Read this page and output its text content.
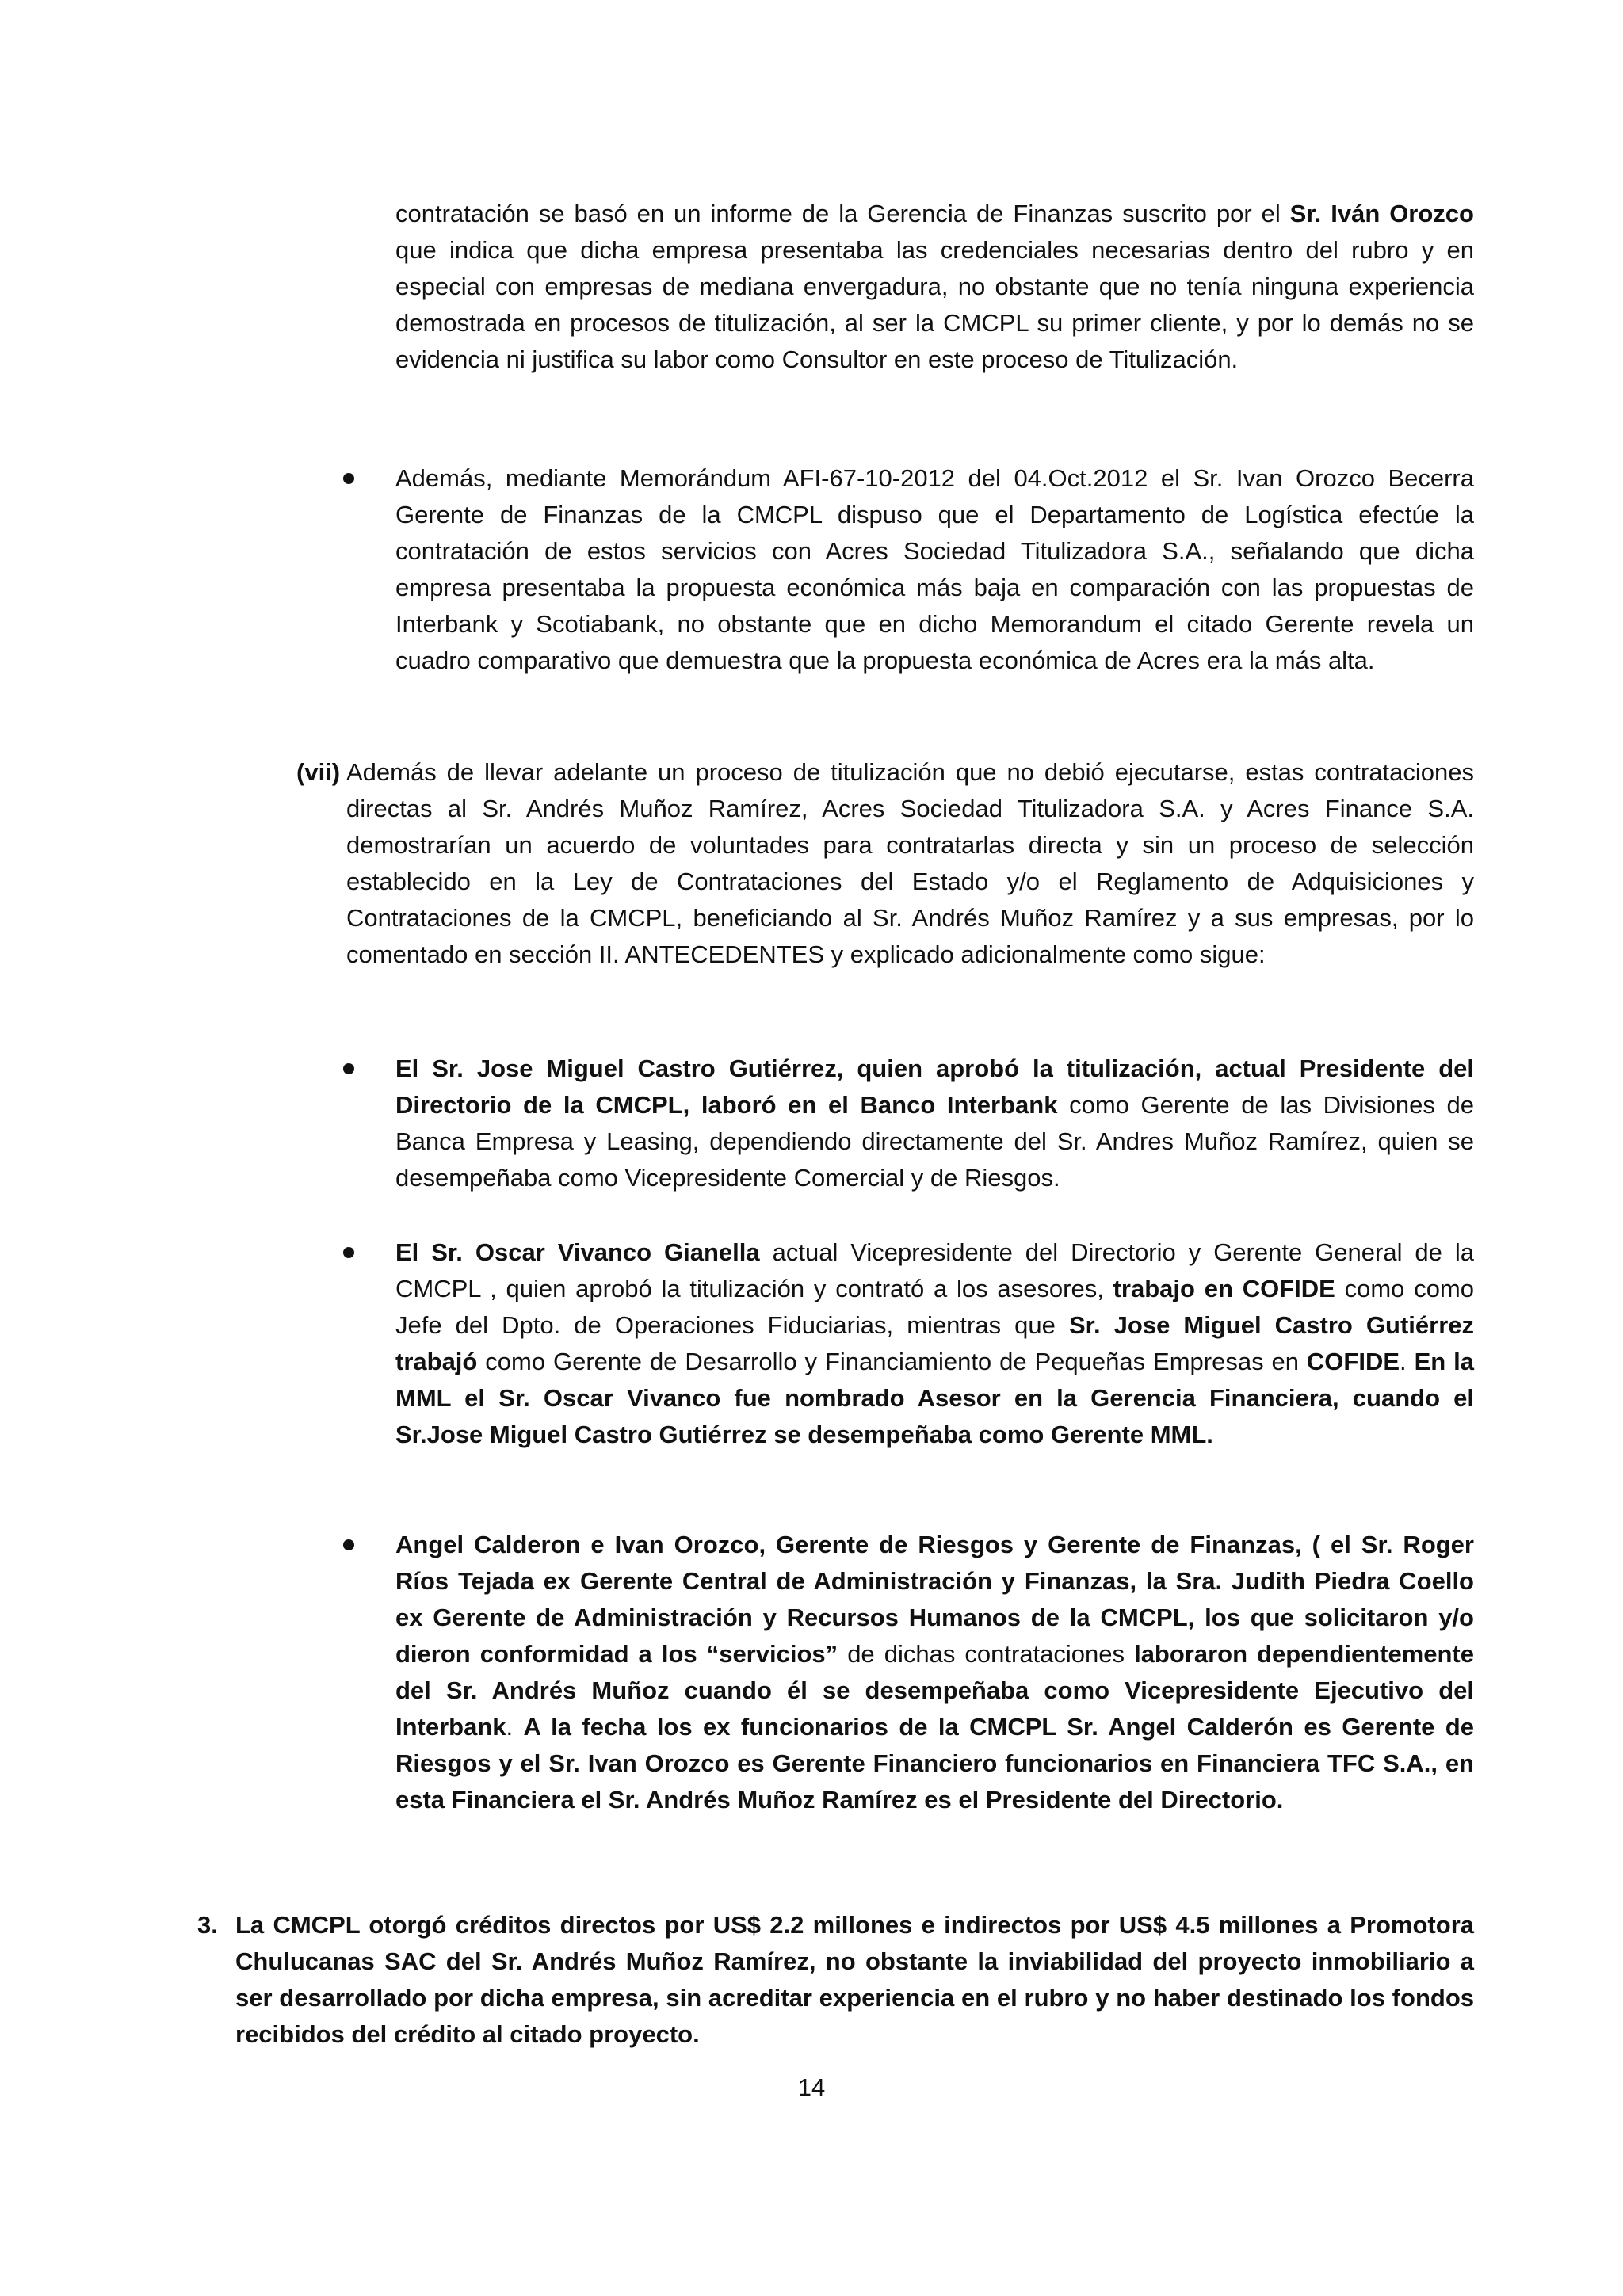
contratación se basó en un informe de la Gerencia de Finanzas suscrito por el Sr. Iván Orozco que indica que dicha empresa presentaba las credenciales necesarias dentro del rubro y en especial con empresas de mediana envergadura, no obstante que no tenía ninguna experiencia demostrada en procesos de titulización, al ser la CMCPL su primer cliente, y por lo demás no se evidencia ni justifica su labor como Consultor en este proceso de Titulización.

Además, mediante Memorándum AFI-67-10-2012 del 04.Oct.2012 el Sr. Ivan Orozco Becerra Gerente de Finanzas de la CMCPL dispuso que el Departamento de Logística efectúe la contratación de estos servicios con Acres Sociedad Titulizadora S.A., señalando que dicha empresa presentaba la propuesta económica más baja en comparación con las propuestas de Interbank y Scotiabank, no obstante que en dicho Memorandum el citado Gerente revela un cuadro comparativo que demuestra que la propuesta económica de Acres era la más alta.

(vii) Además de llevar adelante un proceso de titulización que no debió ejecutarse, estas contrataciones directas al Sr. Andrés Muñoz Ramírez, Acres Sociedad Titulizadora S.A. y Acres Finance S.A. demostrarían un acuerdo de voluntades para contratarlas directa y sin un proceso de selección establecido en la Ley de Contrataciones del Estado y/o el Reglamento de Adquisiciones y Contrataciones de la CMCPL, beneficiando al Sr. Andrés Muñoz Ramírez y a sus empresas, por lo comentado en sección II. ANTECEDENTES y explicado adicionalmente como sigue:

El Sr. Jose Miguel Castro Gutiérrez, quien aprobó la titulización, actual Presidente del Directorio de la CMCPL, laboró en el Banco Interbank como Gerente de las Divisiones de Banca Empresa y Leasing, dependiendo directamente del Sr. Andres Muñoz Ramírez, quien se desempeñaba como Vicepresidente Comercial y de Riesgos.

El Sr. Oscar Vivanco Gianella actual Vicepresidente del Directorio y Gerente General de la CMCPL , quien aprobó la titulización y contrató a los asesores, trabajo en COFIDE como como Jefe del Dpto. de Operaciones Fiduciarias, mientras que Sr. Jose Miguel Castro Gutiérrez trabajó como Gerente de Desarrollo y Financiamiento de Pequeñas Empresas en COFIDE. En la MML el Sr. Oscar Vivanco fue nombrado Asesor en la Gerencia Financiera, cuando el Sr.Jose Miguel Castro Gutiérrez se desempeñaba como Gerente MML.

Angel Calderon e Ivan Orozco, Gerente de Riesgos y Gerente de Finanzas, ( el Sr. Roger Ríos Tejada ex Gerente Central de Administración y Finanzas, la Sra. Judith Piedra Coello ex Gerente de Administración y Recursos Humanos de la CMCPL, los que solicitaron y/o dieron conformidad a los “servicios” de dichas contrataciones laboraron dependientemente del Sr. Andrés Muñoz cuando él se desempeñaba como Vicepresidente Ejecutivo del Interbank. A la fecha los ex funcionarios de la CMCPL Sr. Angel Calderón es Gerente de Riesgos y el Sr. Ivan Orozco es Gerente Financiero funcionarios en Financiera TFC S.A., en esta Financiera el Sr. Andrés Muñoz Ramírez es el Presidente del Directorio.

3. La CMCPL otorgó créditos directos por US$ 2.2 millones e indirectos por US$ 4.5 millones a Promotora Chulucanas SAC del Sr. Andrés Muñoz Ramírez, no obstante la inviabilidad del proyecto inmobiliario a ser desarrollado por dicha empresa, sin acreditar experiencia en el rubro y no haber destinado los fondos recibidos del crédito al citado proyecto.

14
